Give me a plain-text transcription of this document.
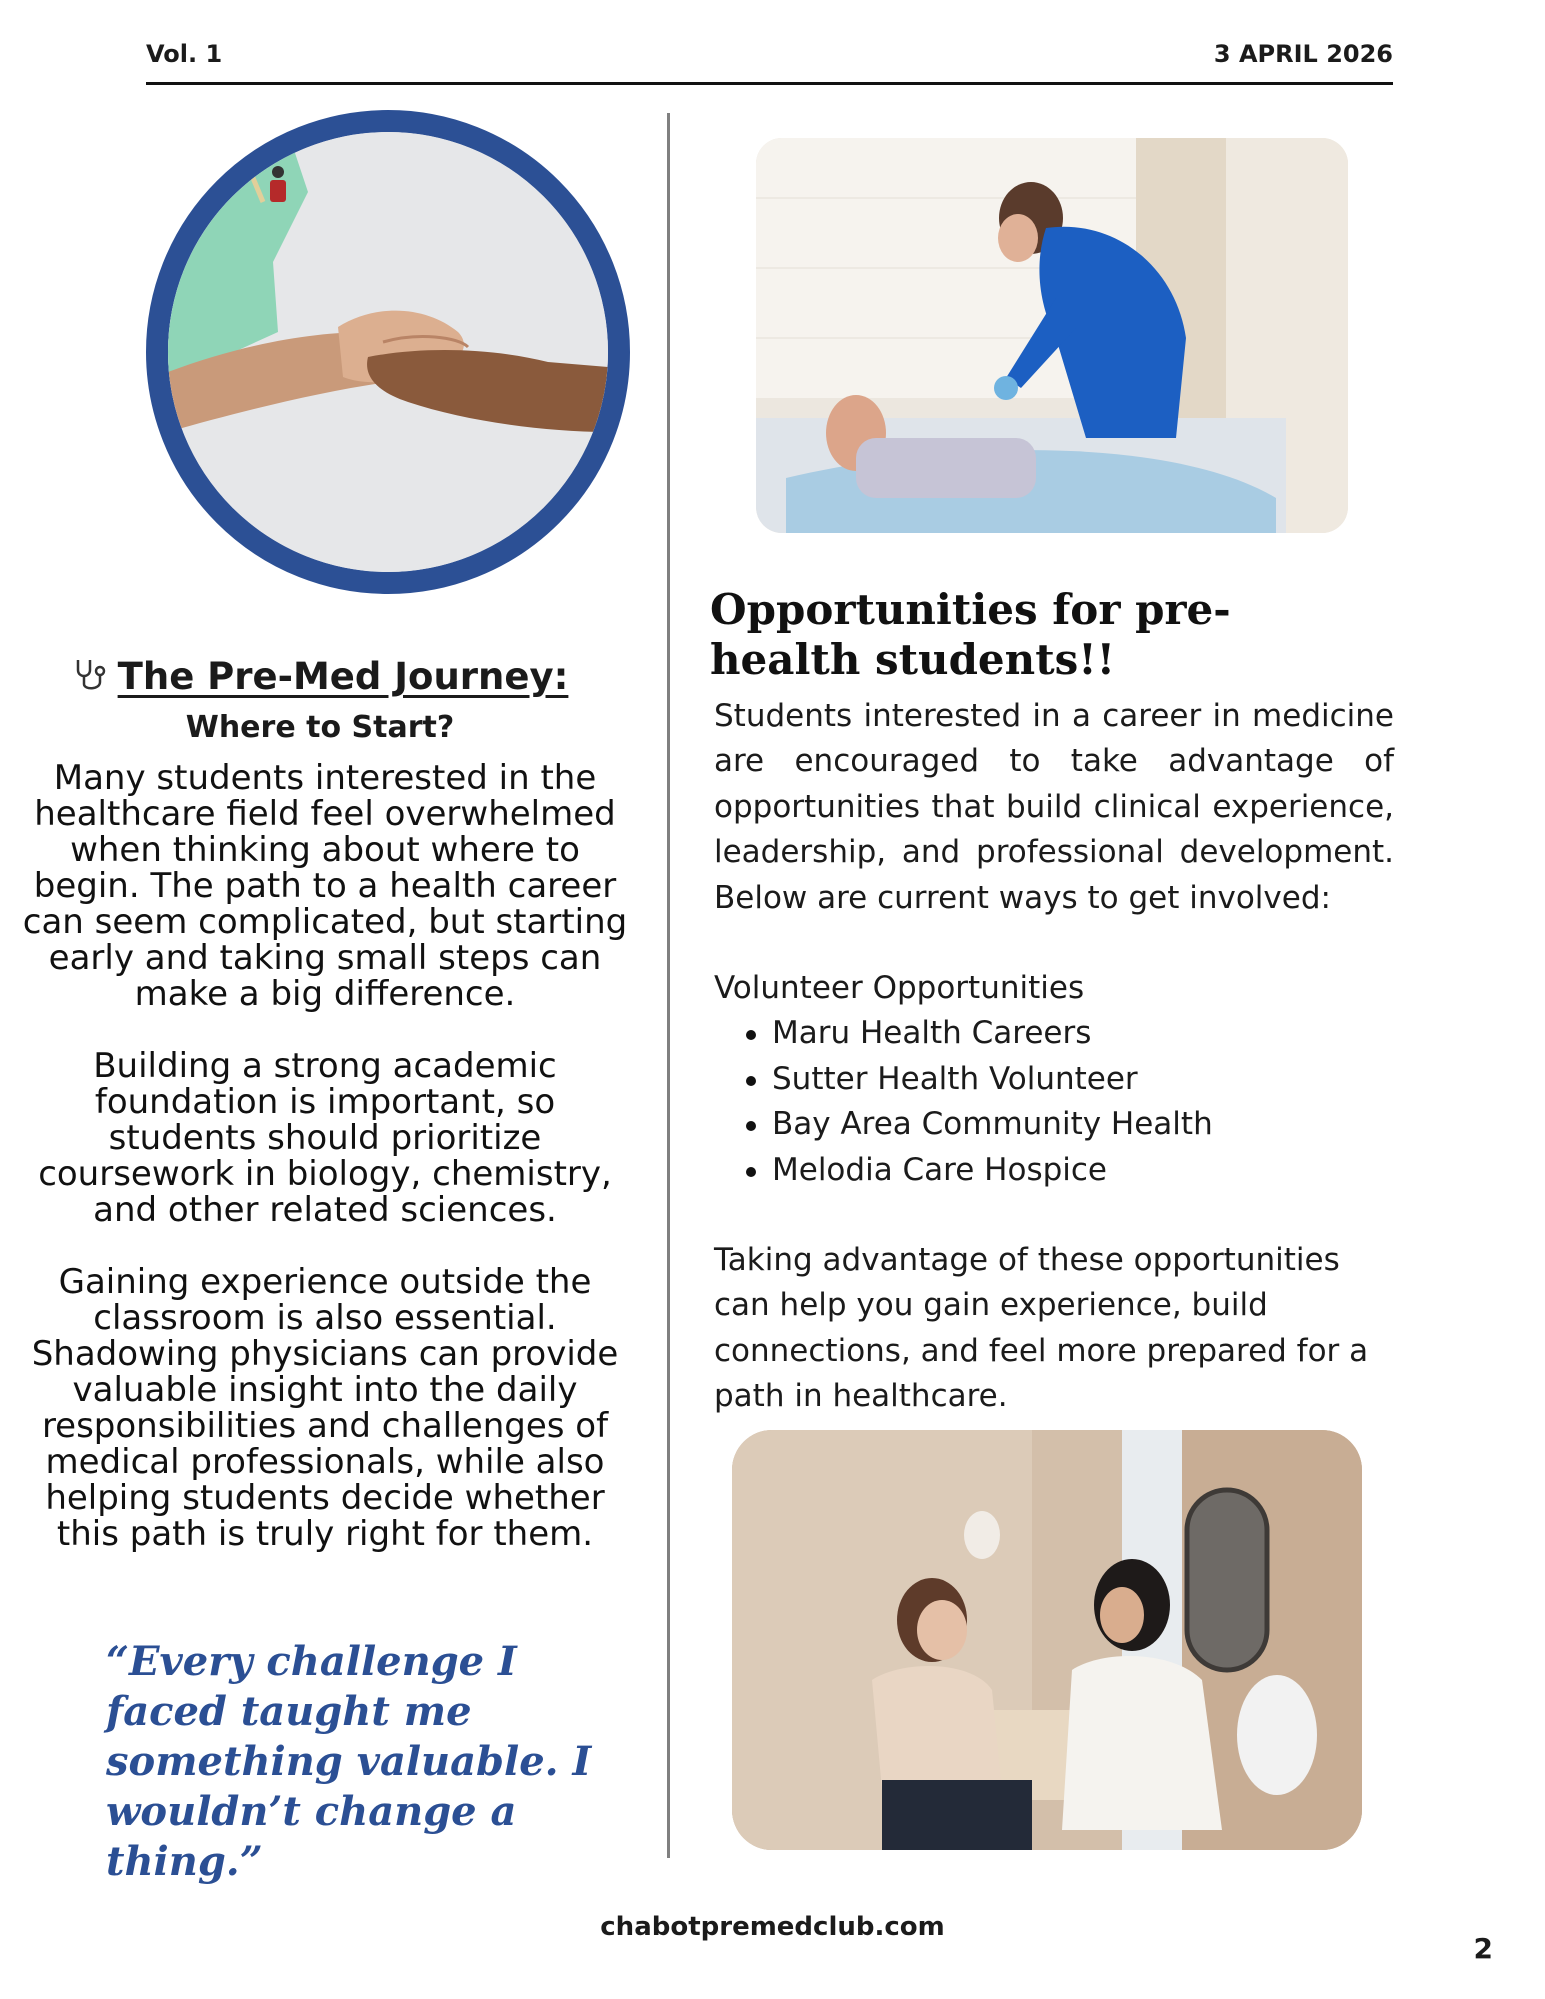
Vol. 1	3 APRIL 2026
The Pre-Med Journey:
Where to Start?

Many students interested in the healthcare field feel overwhelmed when thinking about where to begin. The path to a health career can seem complicated, but starting early and taking small steps can make a big difference.

Building a strong academic foundation is important, so students should prioritize coursework in biology, chemistry, and other related sciences.

Gaining experience outside the classroom is also essential. Shadowing physicians can provide valuable insight into the daily responsibilities and challenges of medical professionals, while also helping students decide whether this path is truly right for them.

“Every challenge I faced taught me something valuable. I wouldn’t change a thing.”
Opportunities for pre-health students!!
Students interested in a career in medicine are encouraged to take advantage of opportunities that build clinical experience, leadership, and professional development. Below are current ways to get involved:
Volunteer Opportunities
Maru Health Careers
Sutter Health Volunteer
Bay Area Community Health
Melodia Care Hospice
Taking advantage of these opportunities can help you gain experience, build connections, and feel more prepared for a path in healthcare.
chabotpremedclub.com
2
